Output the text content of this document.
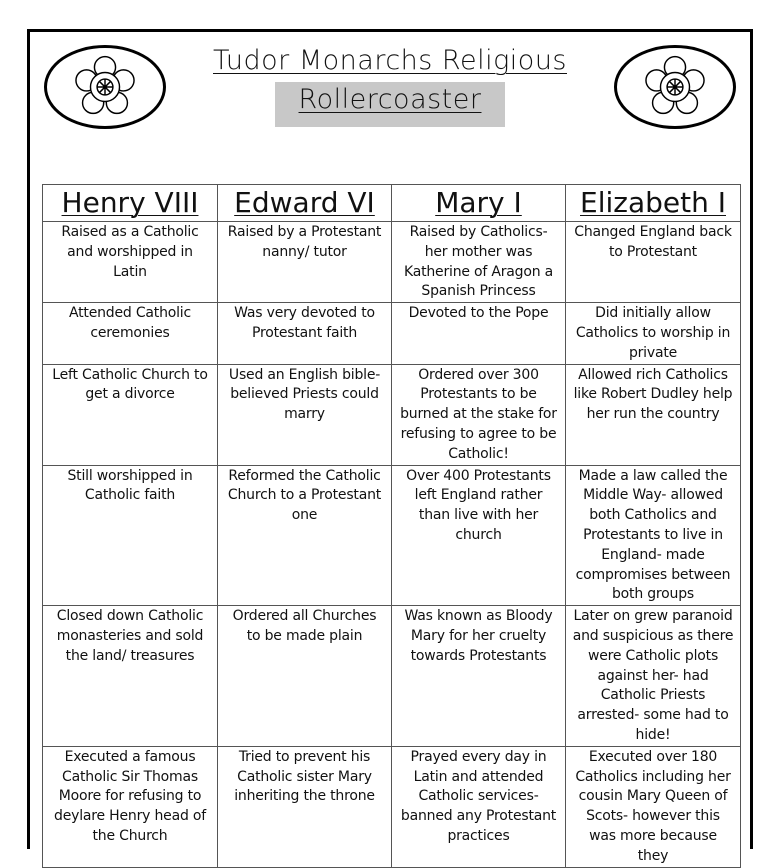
Tudor Monarchs Religious
Rollercoaster
Henry VIII	Edward VI	Mary I	Elizabeth I
Raised as a Catholic and worshipped in Latin	Raised by a Protestant nanny/ tutor	Raised by Catholics- her mother was Katherine of Aragon a Spanish Princess	Changed England back to Protestant
Attended Catholic ceremonies	Was very devoted to Protestant faith	Devoted to the Pope	Did initially allow Catholics to worship in private
Left Catholic Church to get a divorce	Used an English bible- believed Priests could marry	Ordered over 300 Protestants to be burned at the stake for refusing to agree to be Catholic!	Allowed rich Catholics like Robert Dudley help her run the country
Still worshipped in Catholic faith	Reformed the Catholic Church to a Protestant one	Over 400 Protestants left England rather than live with her church	Made a law called the Middle Way- allowed both Catholics and Protestants to live in England- made compromises between both groups
Closed down Catholic monasteries and sold the land/ treasures	Ordered all Churches to be made plain	Was known as Bloody Mary for her cruelty towards Protestants	Later on grew paranoid and suspicious as there were Catholic plots against her- had Catholic Priests arrested- some had to hide!
Executed a famous Catholic Sir Thomas Moore for refusing to deylare Henry head of the Church	Tried to prevent his Catholic sister Mary inheriting the throne	Prayed every day in Latin and attended Catholic services- banned any Protestant practices	Executed over 180 Catholics including her cousin Mary Queen of Scots- however this was more because they
